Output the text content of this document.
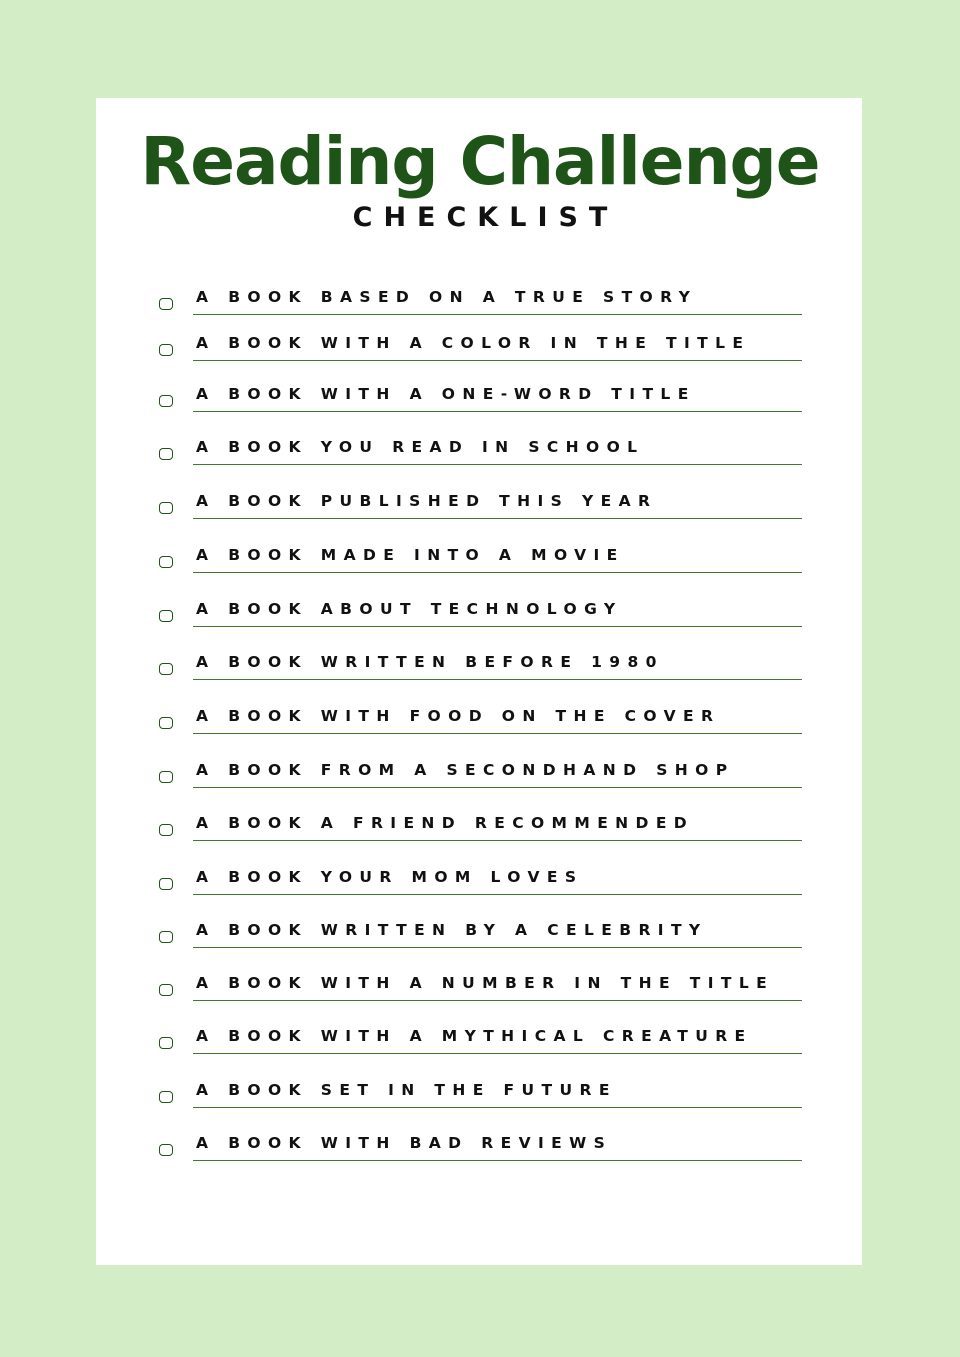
Reading Challenge
CHECKLIST
A BOOK BASED ON A TRUE STORY
A BOOK WITH A COLOR IN THE TITLE
A BOOK WITH A ONE-WORD TITLE
A BOOK YOU READ IN SCHOOL
A BOOK PUBLISHED THIS YEAR
A BOOK MADE INTO A MOVIE
A BOOK ABOUT TECHNOLOGY
A BOOK WRITTEN BEFORE 1980
A BOOK WITH FOOD ON THE COVER
A BOOK FROM A SECONDHAND SHOP
A BOOK A FRIEND RECOMMENDED
A BOOK YOUR MOM LOVES
A BOOK WRITTEN BY A CELEBRITY
A BOOK WITH A NUMBER IN THE TITLE
A BOOK WITH A MYTHICAL CREATURE
A BOOK SET IN THE FUTURE
A BOOK WITH BAD REVIEWS
